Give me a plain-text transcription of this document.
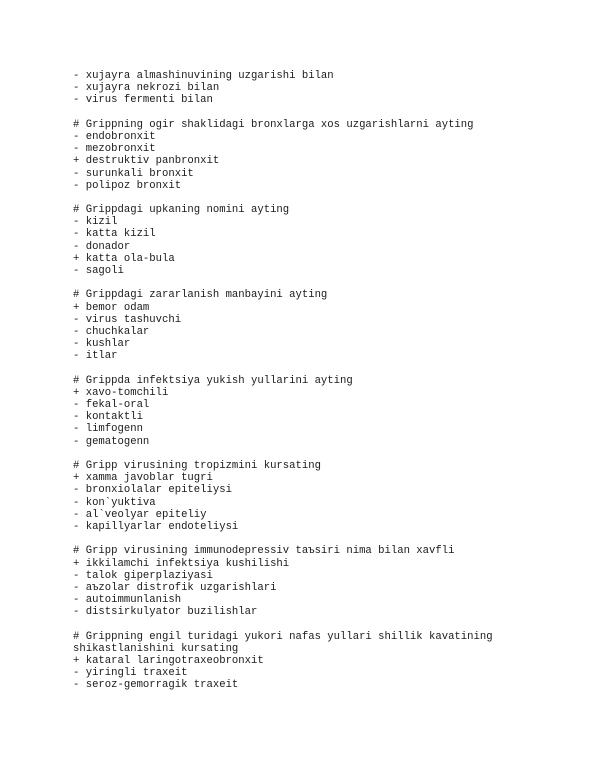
- xujayra almashinuvining uzgarishi bilan
- xujayra nekrozi bilan
- virus fermenti bilan
# Grippning ogir shaklidagi bronxlarga xos uzgarishlarni ayting
- endobronxit
- mezobronxit
+ destruktiv panbronxit
- surunkali bronxit
- polipoz bronxit
# Grippdagi upkaning nomini ayting
- kizil
- katta kizil
- donador
+ katta ola-bula
- sagoli
# Grippdagi zararlanish manbayini ayting
+ bemor odam
- virus tashuvchi
- chuchkalar
- kushlar
- itlar
# Grippda infektsiya yukish yullarini ayting
+ xavo-tomchili
- fekal-oral
- kontaktli
- limfogenn
- gematogenn
# Gripp virusining tropizmini kursating
+ xamma javoblar tugri
- bronxiolalar epiteliysi
- kon`yuktiva
- al`veolyar epiteliy
- kapillyarlar endoteliysi
# Gripp virusining immunodepressiv taъsiri nima bilan xavfli
+ ikkilamchi infektsiya kushilishi
- talok giperplaziyasi
- aъzolar distrofik uzgarishlari
- autoimmunlanish
- distsirkulyator buzilishlar
# Grippning engil turidagi yukori nafas yullari shillik kavatining
shikastlanishini kursating
+ kataral laringotraxeobronxit
- yiringli traxeit
- seroz-gemorragik traxeit
